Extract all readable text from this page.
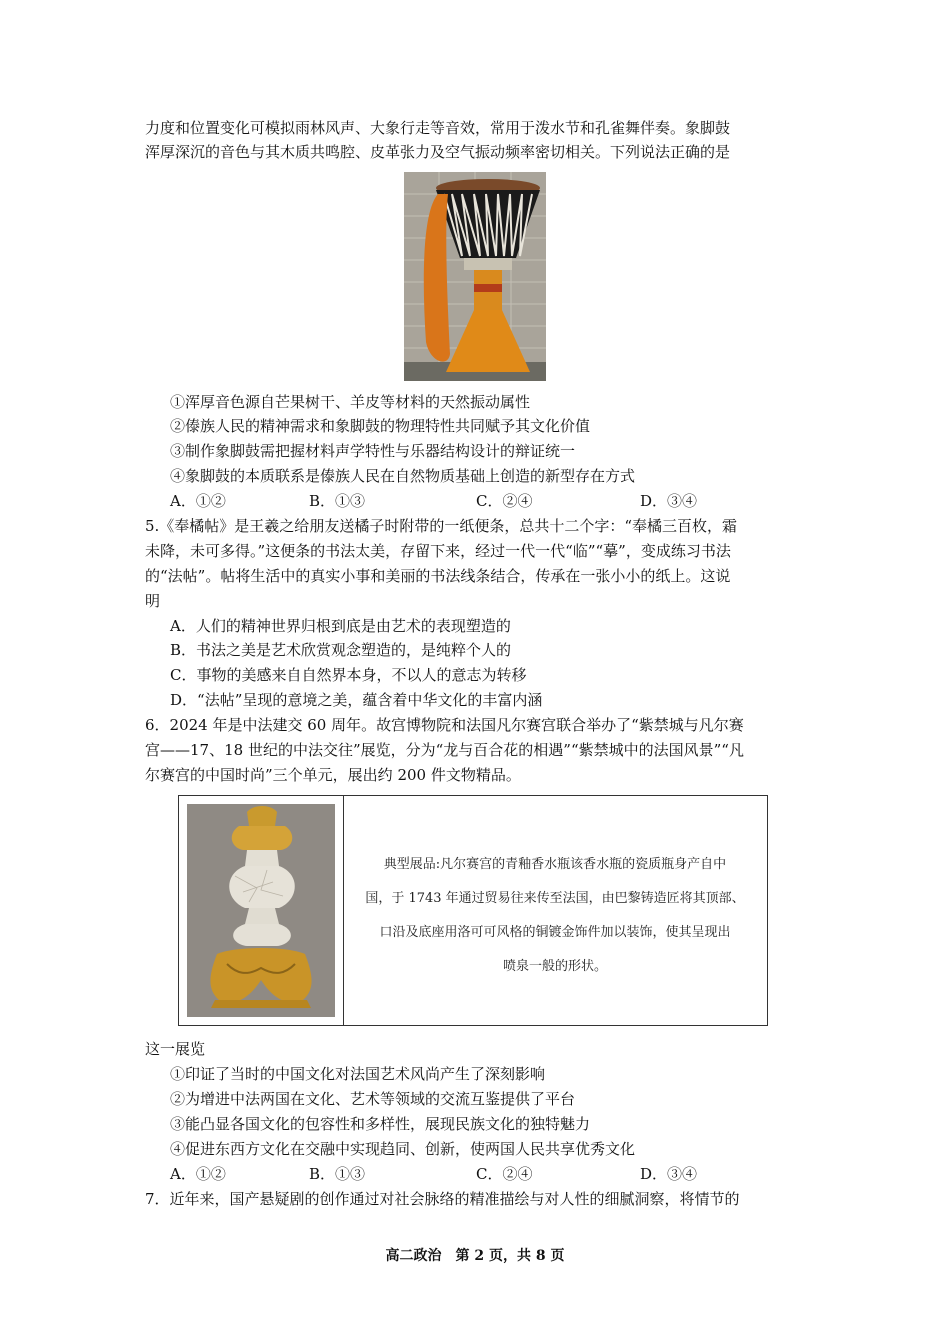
力度和位置变化可模拟雨林风声、大象行走等音效，常用于泼水节和孔雀舞伴奏。象脚鼓
浑厚深沉的音色与其木质共鸣腔、皮革张力及空气振动频率密切相关。下列说法正确的是
①浑厚音色源自芒果树干、羊皮等材料的天然振动属性
②傣族人民的精神需求和象脚鼓的物理特性共同赋予其文化价值
③制作象脚鼓需把握材料声学特性与乐器结构设计的辩证统一
④象脚鼓的本质联系是傣族人民在自然物质基础上创造的新型存在方式
A．①②	B．①③	C．②④	D．③④
5.《奉橘帖》是王羲之给朋友送橘子时附带的一纸便条，总共十二个字：“奉橘三百枚，霜
未降，未可多得。”这便条的书法太美，存留下来，经过一代一代“临”“摹”，变成练习书法
的“法帖”。帖将生活中的真实小事和美丽的书法线条结合，传承在一张小小的纸上。这说
明
A．人们的精神世界归根到底是由艺术的表现塑造的
B．书法之美是艺术欣赏观念塑造的，是纯粹个人的
C．事物的美感来自自然界本身，不以人的意志为转移
D．“法帖”呈现的意境之美，蕴含着中华文化的丰富内涵
6．2024 年是中法建交 60 周年。故宫博物院和法国凡尔赛宫联合举办了“紫禁城与凡尔赛
宫——17、18 世纪的中法交往”展览，分为“龙与百合花的相遇”“紫禁城中的法国风景”“凡
尔赛宫的中国时尚”三个单元，展出约 200 件文物精品。
典型展品:凡尔赛宫的青釉香水瓶该香水瓶的瓷质瓶身产自中
国，于 1743 年通过贸易往来传至法国，由巴黎铸造匠将其顶部、
口沿及底座用洛可可风格的铜镀金饰件加以装饰，使其呈现出
喷泉一般的形状。
这一展览
①印证了当时的中国文化对法国艺术风尚产生了深刻影响
②为增进中法两国在文化、艺术等领域的交流互鉴提供了平台
③能凸显各国文化的包容性和多样性，展现民族文化的独特魅力
④促进东西方文化在交融中实现趋同、创新，使两国人民共享优秀文化
A．①②	B．①③	C．②④	D．③④
7．近年来，国产悬疑剧的创作通过对社会脉络的精准描绘与对人性的细腻洞察，将情节的
高二政治　第 2 页，共 8 页
